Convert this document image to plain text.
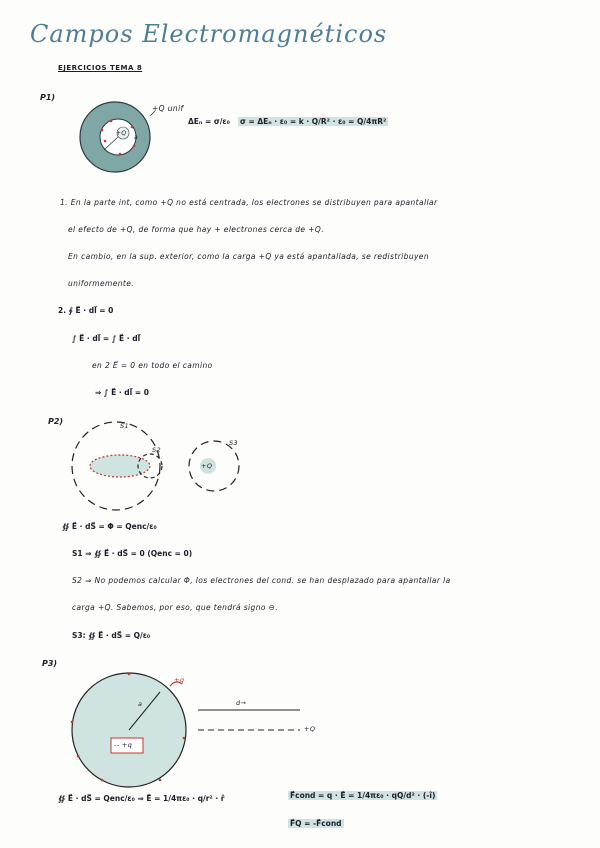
Campos Electromagnéticos
EJERCICIOS TEMA 8
P1)
+Q unif
+Q
a
ΔEₙ = σ/ε₀ σ = ΔEₙ · ε₀ = k · Q/R² · ε₀ = Q/4πR²
1. En la parte int, como +Q no está centrada, los electrones se distribuyen para apantallar
el efecto de +Q, de forma que hay + electrones cerca de +Q.
En cambio, en la sup. exterior, como la carga +Q ya está apantallada, se redistribuyen
uniformemente.
2. ∮ E⃗ · dl⃗ = 0
∫ E⃗ · dl⃗ = ∫ E⃗ · dl⃗
en 2 E⃗ = 0 en todo el camino
⇒ ∫ E⃗ · dl⃗ = 0
P2)	S1
S2
S3
+Q
∯ E⃗ · dS⃗ = Φ = Qenc/ε₀
S1 ⇒ ∯ E⃗ · dS⃗ = 0 (Qenc = 0)
S2 ⇒ No podemos calcular Φ, los electrones del cond. se han desplazado para apantallar la
carga +Q. Sabemos, por eso, que tendrá signo ⊖.
S3: ∯ E⃗ · dS⃗ = Q/ε₀
P3)
a
+q
-- +q
d→
+Q
∯ E⃗ · dS⃗ = Qenc/ε₀ ⇒ E⃗ = 1/4πε₀ · q/r² · r̂	F⃗cond = q · E⃗ = 1/4πε₀ · qQ/d² · (-î)
F⃗Q = -F⃗cond
